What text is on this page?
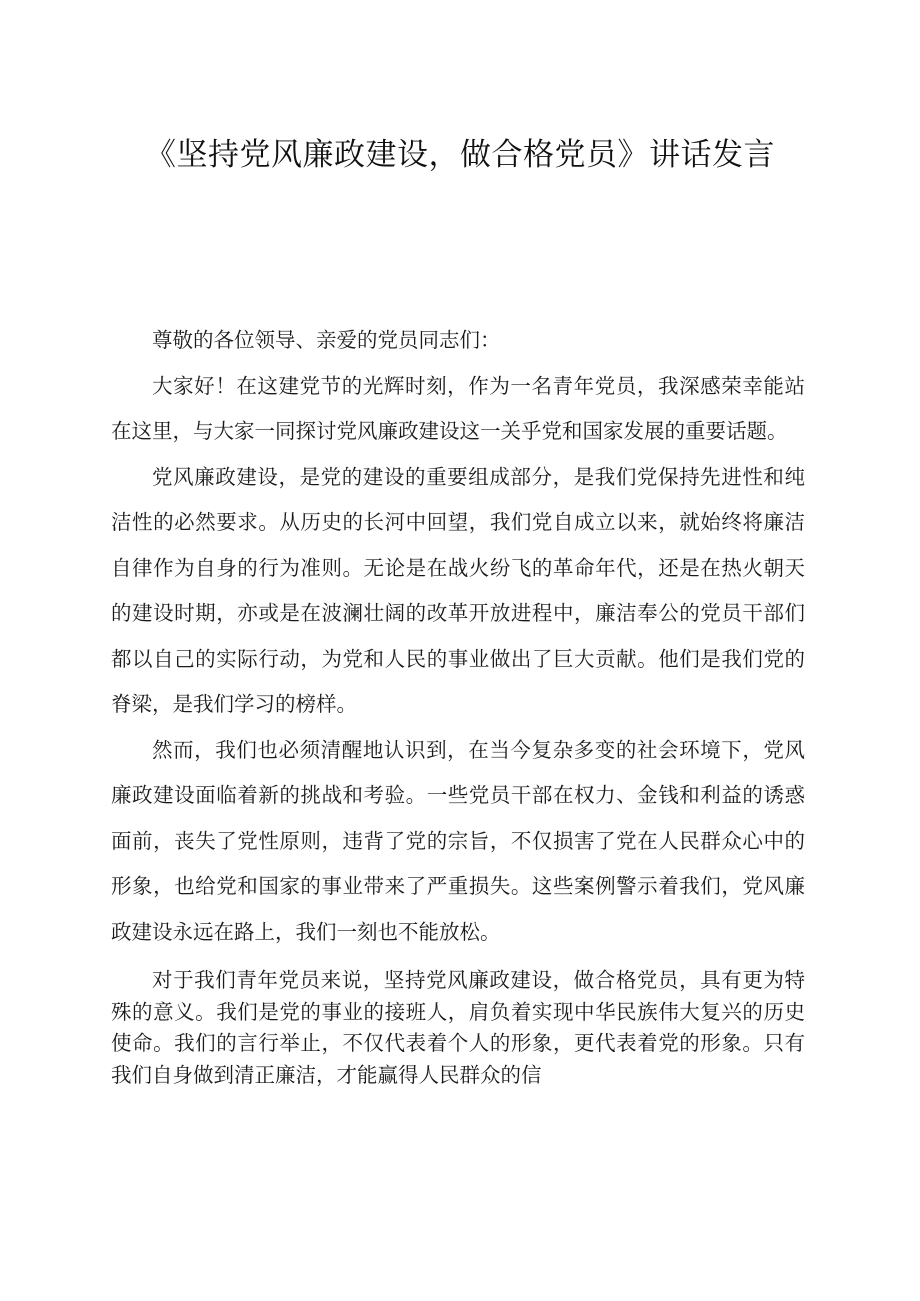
《坚持党风廉政建设，做合格党员》讲话发言

尊敬的各位领导、亲爱的党员同志们：

大家好！在这建党节的光辉时刻，作为一名青年党员，我深感荣幸能站在这里，与大家一同探讨党风廉政建设这一关乎党和国家发展的重要话题。

党风廉政建设，是党的建设的重要组成部分，是我们党保持先进性和纯洁性的必然要求。从历史的长河中回望，我们党自成立以来，就始终将廉洁自律作为自身的行为准则。无论是在战火纷飞的革命年代，还是在热火朝天的建设时期，亦或是在波澜壮阔的改革开放进程中，廉洁奉公的党员干部们都以自己的实际行动，为党和人民的事业做出了巨大贡献。他们是我们党的脊梁，是我们学习的榜样。

然而，我们也必须清醒地认识到，在当今复杂多变的社会环境下，党风廉政建设面临着新的挑战和考验。一些党员干部在权力、金钱和利益的诱惑面前，丧失了党性原则，违背了党的宗旨，不仅损害了党在人民群众心中的形象，也给党和国家的事业带来了严重损失。这些案例警示着我们，党风廉政建设永远在路上，我们一刻也不能放松。

对于我们青年党员来说，坚持党风廉政建设，做合格党员，具有更为特殊的意义。我们是党的事业的接班人，肩负着实现中华民族伟大复兴的历史使命。我们的言行举止，不仅代表着个人的形象，更代表着党的形象。只有我们自身做到清正廉洁，才能赢得人民群众的信
